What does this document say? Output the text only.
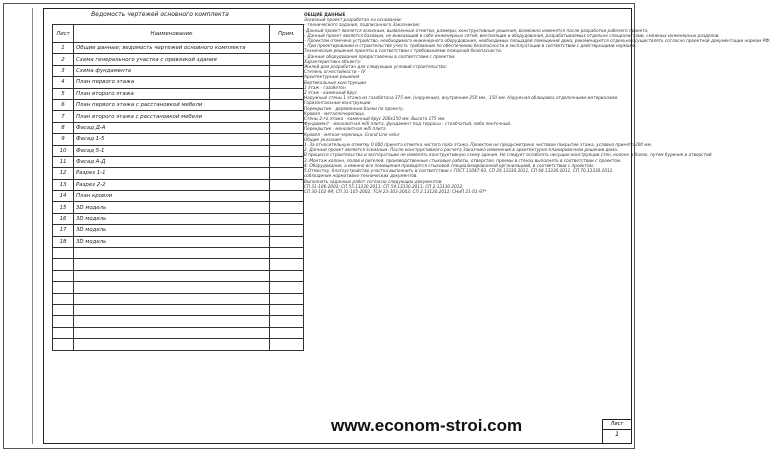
Ведомость чертежей основного комплекта
Лист	Наименование	Прим.
1	Общие данные; ведомость чертежей основного комплекта	
2	Схема генерального участка с привязкой здания	
3	Схема фундамента	
4	План первого этажа	
5	План второго этажа	
6	План первого этажа с расстановкой мебели	
7	План второго этажа с расстановкой мебели	
8	Фасад Д-А	
9	Фасад 1-5	
10	Фасад 5-1	
11	Фасад А-Д	
12	Разрез 1-1	
13	Разрез 2-2	
14	План кровли	
15	3D модель	
16	3D модель	
17	3D модель	
18	3D модель	

ОБЩИЕ ДАННЫЕ
Эскизный проект разработан на основании:
– технического задания, подписанного Заказчиком;
–Данный проект является эскизным, выявленные отметки, размеры, конструктивные решения, возможно изменятся после разработки рабочего проекта.
– Данный проект является базовым, не вникающий в себе инженерных сетей, вентиляции и оборудования, разрабатываемых отдельно специалистами, смежных инженерных разделов.
– Проектом отмечено устройство, необходимого инженерного оборудования, необходимых площадей помещений дома, рекомендуется отдельно осуществлять согласно проектной документации нормам РФ;
– При проектировании и строительстве учесть требования по обеспечению безопасности и эксплуатации в соответствии с действующими нормами.
Технические решения приняты в соответствии с требованиями пожарной безопасности.
– Данные оборудования предоставлены в соответствии с проектом.
Характеристика объекта:
Жилой дом разработан для следующих условий строительства:
Степень огнестойкости – IV
Архитектурные решения
Вертикальные конструкции
1 этаж - газобетон
2 этаж - каменный брус
Наружные стены 1 этажа из газобетона 375 мм. (наружные), внутренние 250 мм., 150 мм. Наружная облицовка отделочными материалами.
Горизонтальные конструкции
Перекрытие - деревянные балки по проекту.
Кровля - металлочерепица.
Стены 2-го этажа - каменный брус 200х150 мм. Высота 175 мм.
Фундамент - монолитная ж/б плита, фундамент под террасы - столбчатый, либо ленточный.
Перекрытие - монолитная ж/б плита
Кровля - мягкая черепица. Grand Line velur
Общие указания:
1. За относительную отметку 0.000 принята отметка чистого пола этажа. Проектом не предусмотрено чистовое покрытие этажа, условно принято 200 мм.
2. Данный проект является эскизным. После конструктивного расчета Заказчика изменения в архитектурно-планировочном решении дома.
В процессе строительства и эксплуатации не изменять конструктивную схему здания. Не следует ослаблять несущие конструкции стен, колонн и балок, путем бурения и отверстий.
3. Монтаж колонн, полов и ригелей, производственные стыковые работы, отверстия, проемы в стенах выполнять в соответствии с проектом.
4. Оборудование, а именно все помещения проводятся стыковой специализированной организацией, в соответствии с проектом.
5.Отмостку, благоустройство участка выполнить в соответствии с ГОСТ 11047-93, СП 29.13330.2011, СП 64.13330.2011, СП 70.13330.2012.
соблюдение нормативно-технических документов.
Выполнять заданных работ согласно следующих документов:
СП 31-106-2002; СП 55.13330.2011; СП 54.13330.2011; СП 2.13130.2012;
СП 30-102-99; СП 31-105-2002; ТСН 23-303-2003; СП 2.13130.2012; СНиП 21-01-97*
www.econom-stroi.com	Лист
1
